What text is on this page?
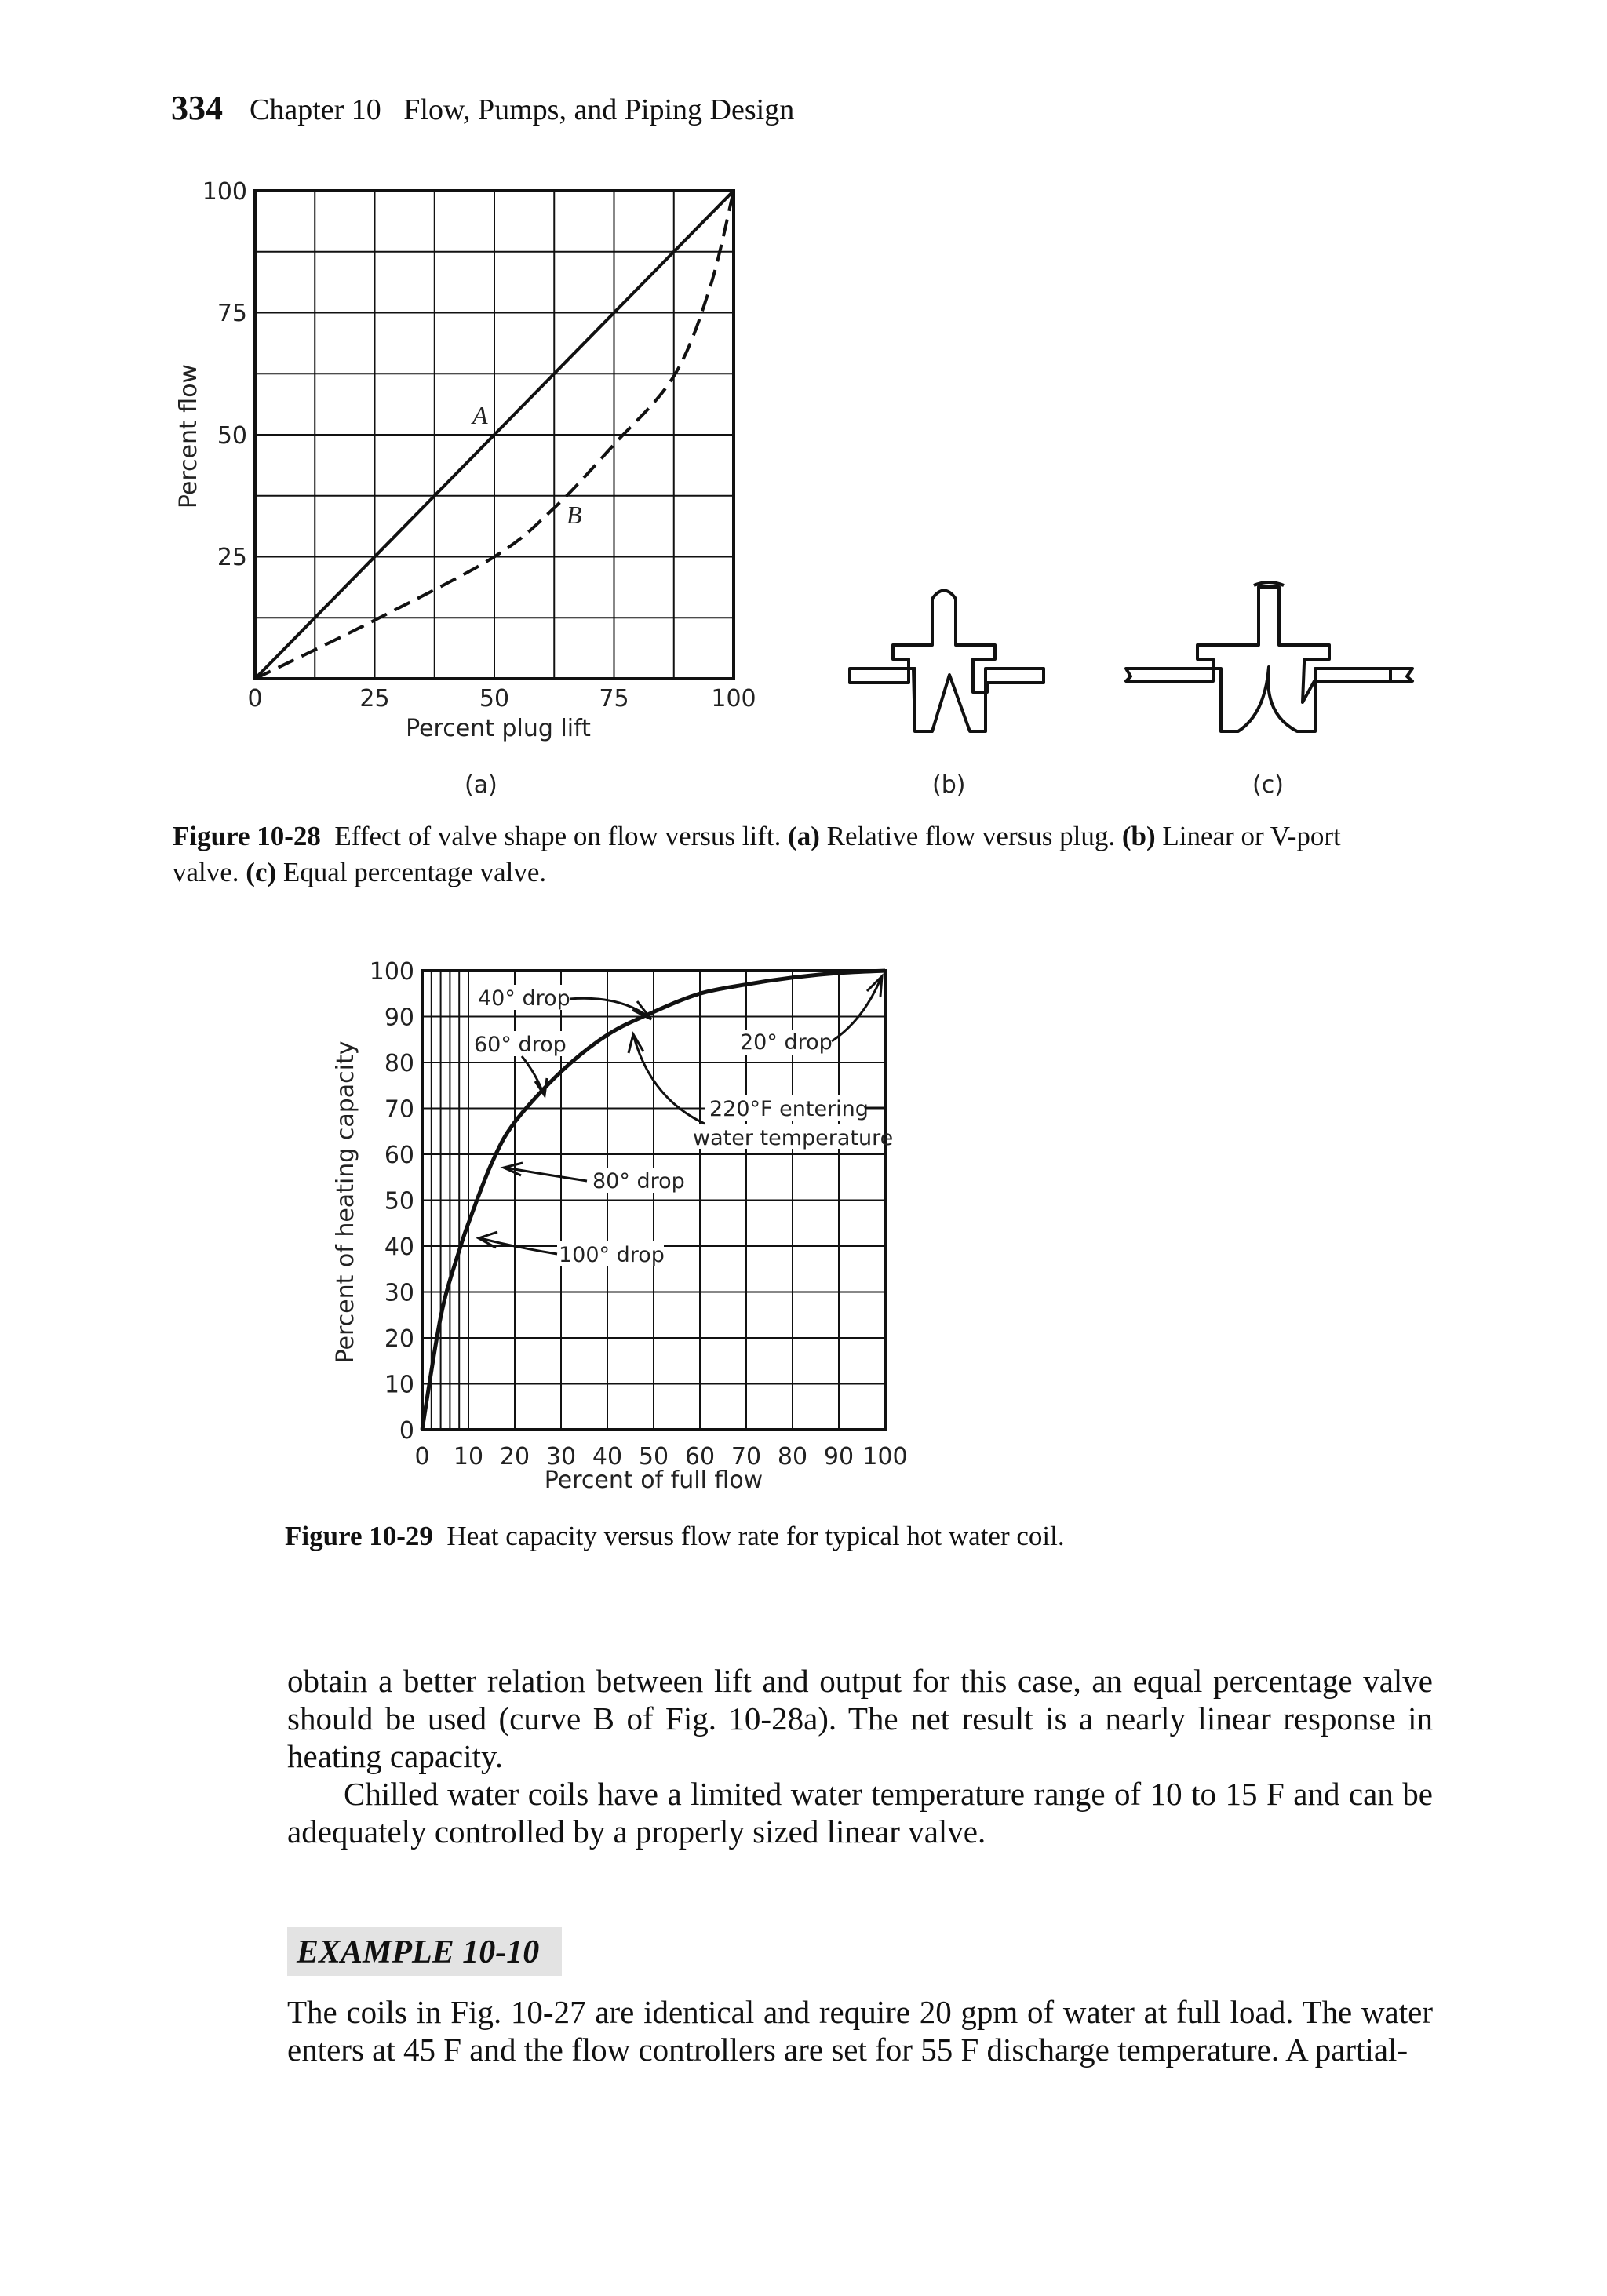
334 Chapter 10 Flow, Pumps, and Piping Design
0	25	50	75	100
25
50
75
100
Percent plug lift
Percent flow	A
B
(a)	(b)	(c)
0 10 20 30 40 50 60 70 80 90 100
0
10
20
30
40
50
60
70
80
90
100
Percent of full flow
Percent of heating capacity
40° drop
60° drop	20° drop
80° drop
100° drop
220°F entering
water temperature
Figure 10-28 Effect of valve shape on flow versus lift. (a) Relative flow versus plug. (b) Linear or V-port
valve. (c) Equal percentage valve.
Figure 10-29 Heat capacity versus flow rate for typical hot water coil.

obtain a better relation between lift and output for this case, an equal percentage valve should be used (curve B of Fig. 10-28a). The net result is a nearly linear response in heating capacity.

Chilled water coils have a limited water temperature range of 10 to 15 F and can be adequately controlled by a properly sized linear valve.

EXAMPLE 10-10

The coils in Fig. 10-27 are identical and require 20 gpm of water at full load. The water enters at 45 F and the flow controllers are set for 55 F discharge temperature. A partial-
